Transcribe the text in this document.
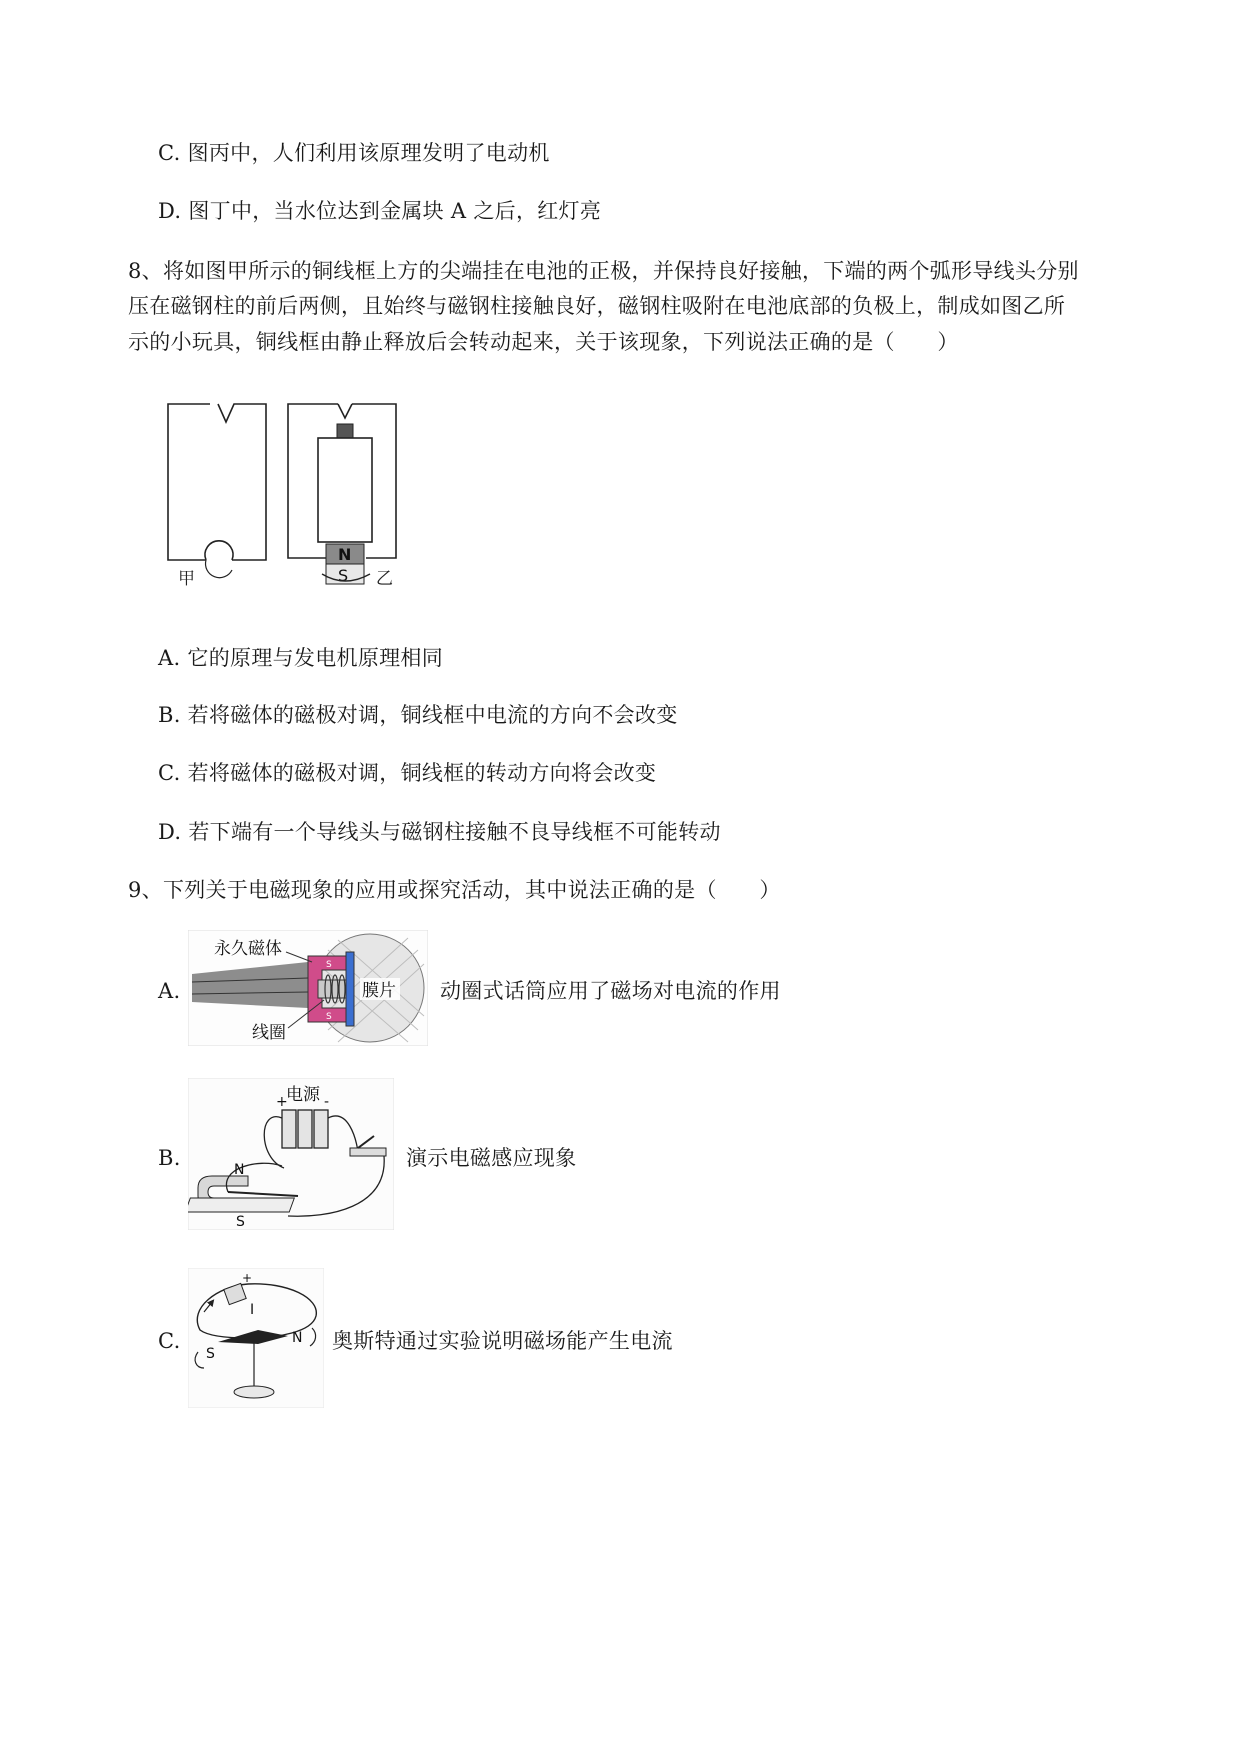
C. 图丙中，人们利用该原理发明了电动机
D. 图丁中，当水位达到金属块 A 之后，红灯亮
8、将如图甲所示的铜线框上方的尖端挂在电池的正极，并保持良好接触，下端的两个弧形导线头分别
压在磁钢柱的前后两侧，且始终与磁钢柱接触良好，磁钢柱吸附在电池底部的负极上，制成如图乙所
示的小玩具，铜线框由静止释放后会转动起来，关于该现象，下列说法正确的是（　　）
甲
N
S 乙
A. 它的原理与发电机原理相同
B. 若将磁体的磁极对调，铜线框中电流的方向不会改变
C. 若将磁体的磁极对调，铜线框的转动方向将会改变
D. 若下端有一个导线头与磁钢柱接触不良导线框不可能转动
9、下列关于电磁现象的应用或探究活动，其中说法正确的是（　　）
A.
S
S
膜片
永久磁体
线圈
动圈式话筒应用了磁场对电流的作用
B.
电源
+	-
N
S
演示电磁感应现象
C.
+
I
N
S
奥斯特通过实验说明磁场能产生电流
